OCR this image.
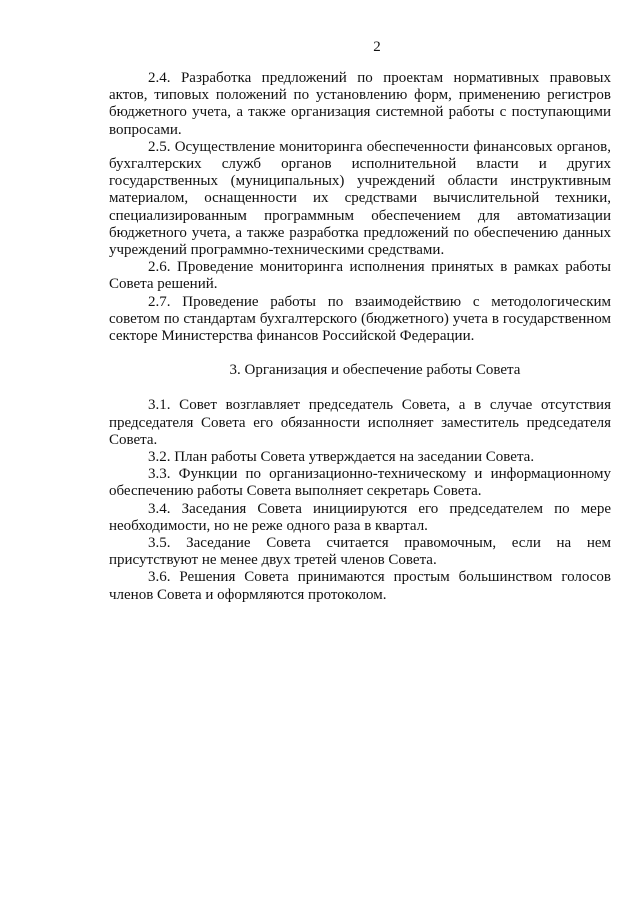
2

2.4. Разработка предложений по проектам нормативных правовых актов, типовых положений по установлению форм, применению регистров бюджетного учета, а также организация системной работы с поступающими вопросами.

2.5. Осуществление мониторинга обеспеченности финансовых органов, бухгалтерских служб органов исполнительной власти и других государственных (муниципальных) учреждений области инструктивным материалом, оснащенности их средствами вычислительной техники, специализированным программным обеспечением для автоматизации бюджетного учета, а также разработка предложений по обеспечению данных учреждений программно-техническими средствами.

2.6. Проведение мониторинга исполнения принятых в рамках работы Совета решений.

2.7. Проведение работы по взаимодействию с методологическим советом по стандартам бухгалтерского (бюджетного) учета в государственном секторе Министерства финансов Российской Федерации.

3. Организация и обеспечение работы Совета

3.1. Совет возглавляет председатель Совета, а в случае отсутствия председателя Совета его обязанности исполняет заместитель председателя Совета.

3.2. План работы Совета утверждается на заседании Совета.

3.3. Функции по организационно-техническому и информационному обеспечению работы Совета выполняет секретарь Совета.

3.4. Заседания Совета инициируются его председателем по мере необходимости, но не реже одного раза в квартал.

3.5. Заседание Совета считается правомочным, если на нем присутствуют не менее двух третей членов Совета.

3.6. Решения Совета принимаются простым большинством голосов членов Совета и оформляются протоколом.
